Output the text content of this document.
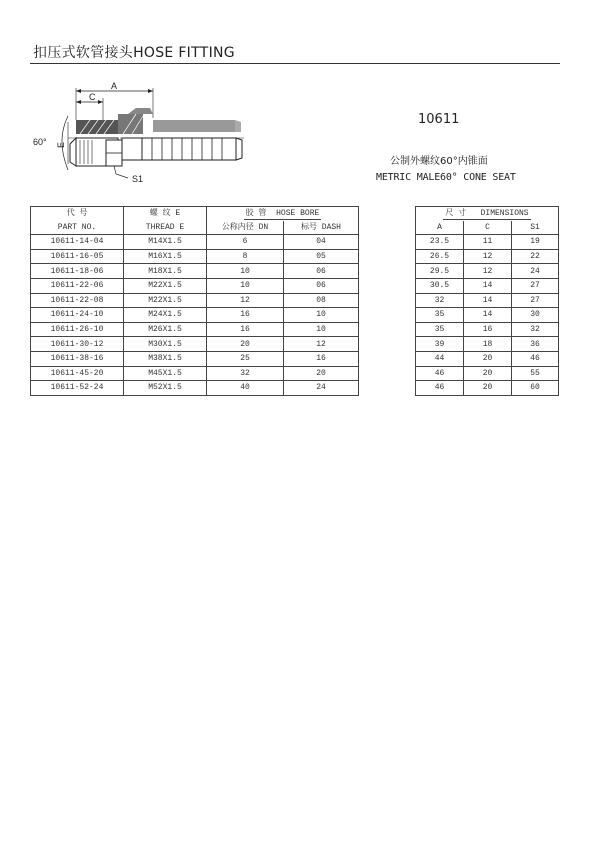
扣压式软管接头HOSE FITTING
A
C
60° E
S1
10611
公制外螺纹60°内锥面
METRIC MALE60° CONE SEAT
代 号	螺 纹 E	胶 管 HOSE BORE			尺 寸 DIMENSIONS		
PART NO.	THREAD E	公称内径 DN	标号 DASH		A	C	S1
10611-14-04	M14X1.5	6	04		23.5	11	19
10611-16-05	M16X1.5	8	05		26.5	12	22
10611-18-06	M18X1.5	10	06		29.5	12	24
10611-22-06	M22X1.5	10	06		30.5	14	27
10611-22-08	M22X1.5	12	08		32	14	27
10611-24-10	M24X1.5	16	10		35	14	30
10611-26-10	M26X1.5	16	10		35	16	32
10611-30-12	M30X1.5	20	12		39	18	36
10611-38-16	M38X1.5	25	16		44	20	46
10611-45-20	M45X1.5	32	20		46	20	55
10611-52-24	M52X1.5	40	24		46	20	60
